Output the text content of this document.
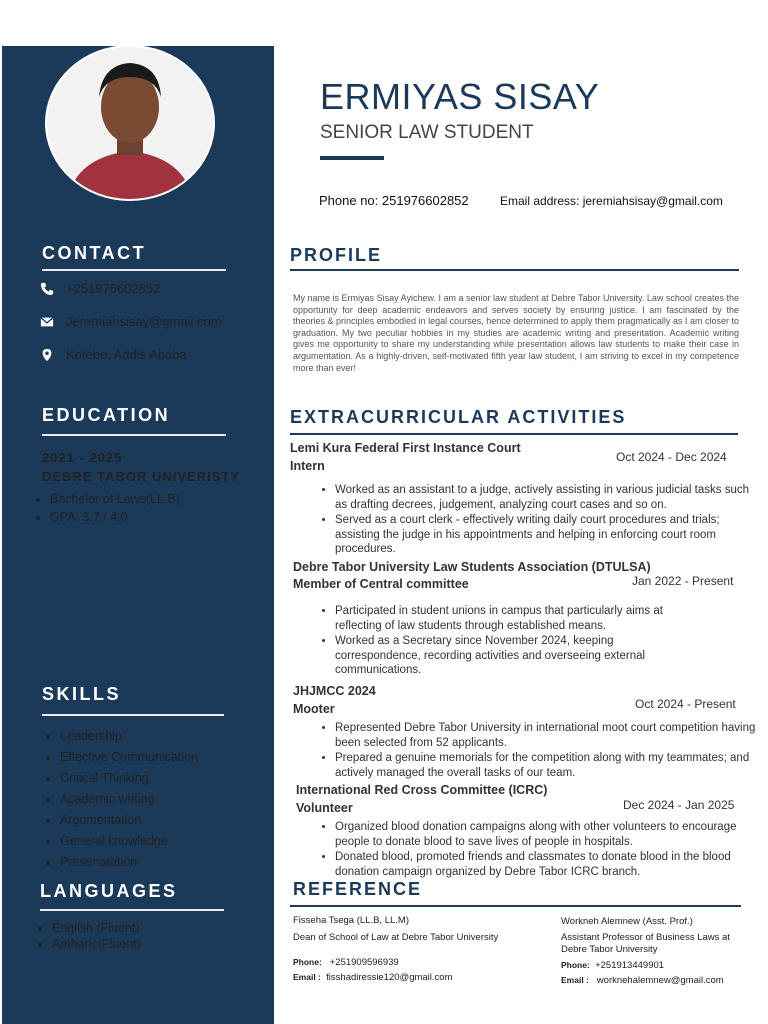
CONTACT
+251976602852
Jeremiahsisay@gmail.com
Kotebe, Addis Ababa
EDUCATION
2021 - 2025
DEBRE TABOR UNIVERISTY
• Bachelor of Laws(LL.B)
• GPA: 3.7 / 4.0
SKILLS
• Leadership
• Effective Communication
• Critical Thinking
• Academic writing
• Argumentation
• General knowledge
• Presenatation
LANGUAGES
• English (Fluent)
• Amharic(Fluent)
ERMIYAS SISAY
SENIOR LAW STUDENT
Phone no: 251976602852	Email address: jeremiahsisay@gmail.com
PROFILE

My name is Ermiyas Sisay Ayichew. I am a senior law student at Debre Tabor University. Law school creates the opportunity for deep academic endeavors and serves society by ensuring justice. I am fascinated by the theories & principles embodied in legal courses, hence determined to apply them pragmatically as I am closer to graduation. My two peculiar hobbies in my studies are academic writing and presentation. Academic writing gives me opportunity to share my understanding while presentation allows law students to make their case in argumentation. As a highly-driven, self-motivated fifth year law student, I am striving to excel in my competence more than ever!

EXTRACURRICULAR ACTIVITIES
Lemi Kura Federal First Instance Court
Intern
Oct 2024 - Dec 2024
• Worked as an assistant to a judge, actively assisting in various judicial tasks such as drafting decrees, judgement, analyzing court cases and so on.
• Served as a court clerk - effectively writing daily court procedures and trials; assisting the judge in his appointments and helping in enforcing court room procedures.
Debre Tabor University Law Students Association (DTULSA)
Member of Central committee	Jan 2022 - Present
• Participated in student unions in campus that particularly aims at reflecting of law students through established means.
• Worked as a Secretary since November 2024, keeping correspondence, recording activities and overseeing external communications.
JHJMCC 2024
Mooter	Oct 2024 - Present
• Represented Debre Tabor University in international moot court competition having been selected from 52 applicants.
• Prepared a genuine memorials for the competition along with my teammates; and actively managed the overall tasks of our team.
International Red Cross Committee (ICRC)
Volunteer	Dec 2024 - Jan 2025
• Organized blood donation campaigns along with other volunteers to encourage people to donate blood to save lives of people in hospitals.
• Donated blood, promoted friends and classmates to donate blood in the blood donation campaign organized by Debre Tabor ICRC branch.
REFERENCE
Fisseha Tsega (LL.B, LL.M)
Dean of School of Law at Debre Tabor University
Phone: +251909596939
Email : fisshadiressie120@gmail.com
Workneh Alemnew (Asst. Prof.)
Assistant Professor of Business Laws at Debre Tabor University
Phone: +251913449901
Email : worknehalemnew@gmail.com
